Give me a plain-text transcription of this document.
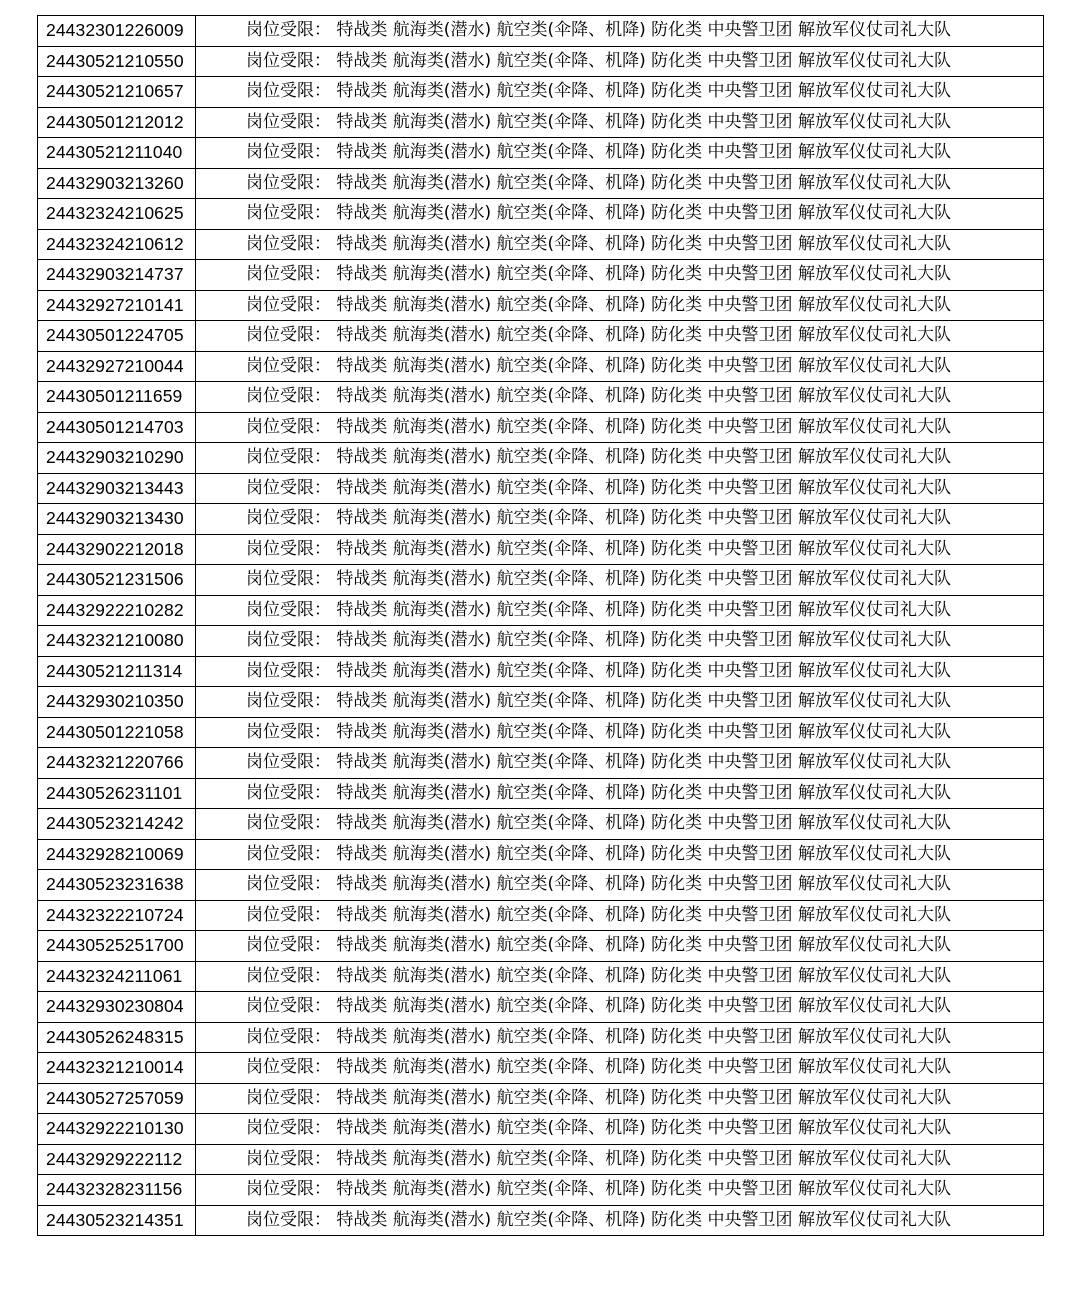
24432301226009	岗位受限： 特战类 航海类(潜水) 航空类(伞降、机降) 防化类 中央警卫团 解放军仪仗司礼大队
24430521210550	岗位受限： 特战类 航海类(潜水) 航空类(伞降、机降) 防化类 中央警卫团 解放军仪仗司礼大队
24430521210657	岗位受限： 特战类 航海类(潜水) 航空类(伞降、机降) 防化类 中央警卫团 解放军仪仗司礼大队
24430501212012	岗位受限： 特战类 航海类(潜水) 航空类(伞降、机降) 防化类 中央警卫团 解放军仪仗司礼大队
24430521211040	岗位受限： 特战类 航海类(潜水) 航空类(伞降、机降) 防化类 中央警卫团 解放军仪仗司礼大队
24432903213260	岗位受限： 特战类 航海类(潜水) 航空类(伞降、机降) 防化类 中央警卫团 解放军仪仗司礼大队
24432324210625	岗位受限： 特战类 航海类(潜水) 航空类(伞降、机降) 防化类 中央警卫团 解放军仪仗司礼大队
24432324210612	岗位受限： 特战类 航海类(潜水) 航空类(伞降、机降) 防化类 中央警卫团 解放军仪仗司礼大队
24432903214737	岗位受限： 特战类 航海类(潜水) 航空类(伞降、机降) 防化类 中央警卫团 解放军仪仗司礼大队
24432927210141	岗位受限： 特战类 航海类(潜水) 航空类(伞降、机降) 防化类 中央警卫团 解放军仪仗司礼大队
24430501224705	岗位受限： 特战类 航海类(潜水) 航空类(伞降、机降) 防化类 中央警卫团 解放军仪仗司礼大队
24432927210044	岗位受限： 特战类 航海类(潜水) 航空类(伞降、机降) 防化类 中央警卫团 解放军仪仗司礼大队
24430501211659	岗位受限： 特战类 航海类(潜水) 航空类(伞降、机降) 防化类 中央警卫团 解放军仪仗司礼大队
24430501214703	岗位受限： 特战类 航海类(潜水) 航空类(伞降、机降) 防化类 中央警卫团 解放军仪仗司礼大队
24432903210290	岗位受限： 特战类 航海类(潜水) 航空类(伞降、机降) 防化类 中央警卫团 解放军仪仗司礼大队
24432903213443	岗位受限： 特战类 航海类(潜水) 航空类(伞降、机降) 防化类 中央警卫团 解放军仪仗司礼大队
24432903213430	岗位受限： 特战类 航海类(潜水) 航空类(伞降、机降) 防化类 中央警卫团 解放军仪仗司礼大队
24432902212018	岗位受限： 特战类 航海类(潜水) 航空类(伞降、机降) 防化类 中央警卫团 解放军仪仗司礼大队
24430521231506	岗位受限： 特战类 航海类(潜水) 航空类(伞降、机降) 防化类 中央警卫团 解放军仪仗司礼大队
24432922210282	岗位受限： 特战类 航海类(潜水) 航空类(伞降、机降) 防化类 中央警卫团 解放军仪仗司礼大队
24432321210080	岗位受限： 特战类 航海类(潜水) 航空类(伞降、机降) 防化类 中央警卫团 解放军仪仗司礼大队
24430521211314	岗位受限： 特战类 航海类(潜水) 航空类(伞降、机降) 防化类 中央警卫团 解放军仪仗司礼大队
24432930210350	岗位受限： 特战类 航海类(潜水) 航空类(伞降、机降) 防化类 中央警卫团 解放军仪仗司礼大队
24430501221058	岗位受限： 特战类 航海类(潜水) 航空类(伞降、机降) 防化类 中央警卫团 解放军仪仗司礼大队
24432321220766	岗位受限： 特战类 航海类(潜水) 航空类(伞降、机降) 防化类 中央警卫团 解放军仪仗司礼大队
24430526231101	岗位受限： 特战类 航海类(潜水) 航空类(伞降、机降) 防化类 中央警卫团 解放军仪仗司礼大队
24430523214242	岗位受限： 特战类 航海类(潜水) 航空类(伞降、机降) 防化类 中央警卫团 解放军仪仗司礼大队
24432928210069	岗位受限： 特战类 航海类(潜水) 航空类(伞降、机降) 防化类 中央警卫团 解放军仪仗司礼大队
24430523231638	岗位受限： 特战类 航海类(潜水) 航空类(伞降、机降) 防化类 中央警卫团 解放军仪仗司礼大队
24432322210724	岗位受限： 特战类 航海类(潜水) 航空类(伞降、机降) 防化类 中央警卫团 解放军仪仗司礼大队
24430525251700	岗位受限： 特战类 航海类(潜水) 航空类(伞降、机降) 防化类 中央警卫团 解放军仪仗司礼大队
24432324211061	岗位受限： 特战类 航海类(潜水) 航空类(伞降、机降) 防化类 中央警卫团 解放军仪仗司礼大队
24432930230804	岗位受限： 特战类 航海类(潜水) 航空类(伞降、机降) 防化类 中央警卫团 解放军仪仗司礼大队
24430526248315	岗位受限： 特战类 航海类(潜水) 航空类(伞降、机降) 防化类 中央警卫团 解放军仪仗司礼大队
24432321210014	岗位受限： 特战类 航海类(潜水) 航空类(伞降、机降) 防化类 中央警卫团 解放军仪仗司礼大队
24430527257059	岗位受限： 特战类 航海类(潜水) 航空类(伞降、机降) 防化类 中央警卫团 解放军仪仗司礼大队
24432922210130	岗位受限： 特战类 航海类(潜水) 航空类(伞降、机降) 防化类 中央警卫团 解放军仪仗司礼大队
24432929222112	岗位受限： 特战类 航海类(潜水) 航空类(伞降、机降) 防化类 中央警卫团 解放军仪仗司礼大队
24432328231156	岗位受限： 特战类 航海类(潜水) 航空类(伞降、机降) 防化类 中央警卫团 解放军仪仗司礼大队
24430523214351	岗位受限： 特战类 航海类(潜水) 航空类(伞降、机降) 防化类 中央警卫团 解放军仪仗司礼大队
